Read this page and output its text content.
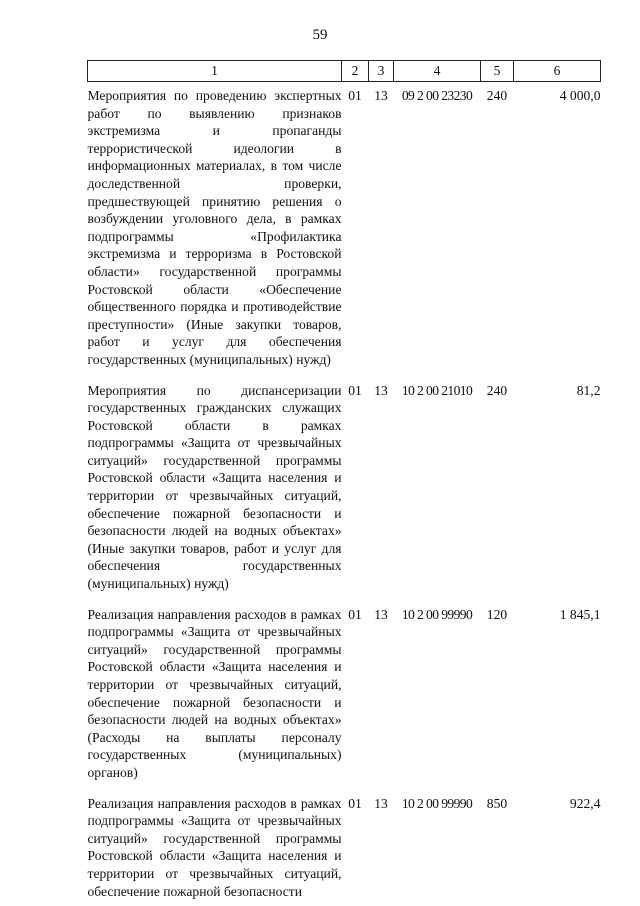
59
1	2	3	4	5	6

Мероприятия по проведению экспертных работ по выявлению признаков экстремизма и пропаганды террористической идеологии в информационных материалах, в том числе доследственной проверки, предшествующей принятию решения о возбуждении уголовного дела, в рамках подпрограммы «Профилактика экстремизма и терроризма в Ростовской области» государственной программы Ростовской области «Обеспечение общественного порядка и противодействие преступности» (Иные закупки товаров, работ и услуг для обеспечения государственных (муниципальных) нужд)	01	13	09 2 00 23230	240	4 000,0

Мероприятия по диспансеризации государственных гражданских служащих Ростовской области в рамках подпрограммы «Защита от чрезвычайных ситуаций» государственной программы Ростовской области «Защита населения и территории от чрезвычайных ситуаций, обеспечение пожарной безопасности и безопасности людей на водных объектах» (Иные закупки товаров, работ и услуг для обеспечения государственных (муниципальных) нужд)	01	13	10 2 00 21010	240	81,2

Реализация направления расходов в рамках подпрограммы «Защита от чрезвычайных ситуаций» государственной программы Ростовской области «Защита населения и территории от чрезвычайных ситуаций, обеспечение пожарной безопасности и безопасности людей на водных объектах» (Расходы на выплаты персоналу государственных (муниципальных) органов)	01	13	10 2 00 99990	120	1 845,1

Реализация направления расходов в рамках подпрограммы «Защита от чрезвычайных ситуаций» государственной программы Ростовской области «Защита населения и территории от чрезвычайных ситуаций, обеспечение пожарной безопасности	01	13	10 2 00 99990	850	922,4
